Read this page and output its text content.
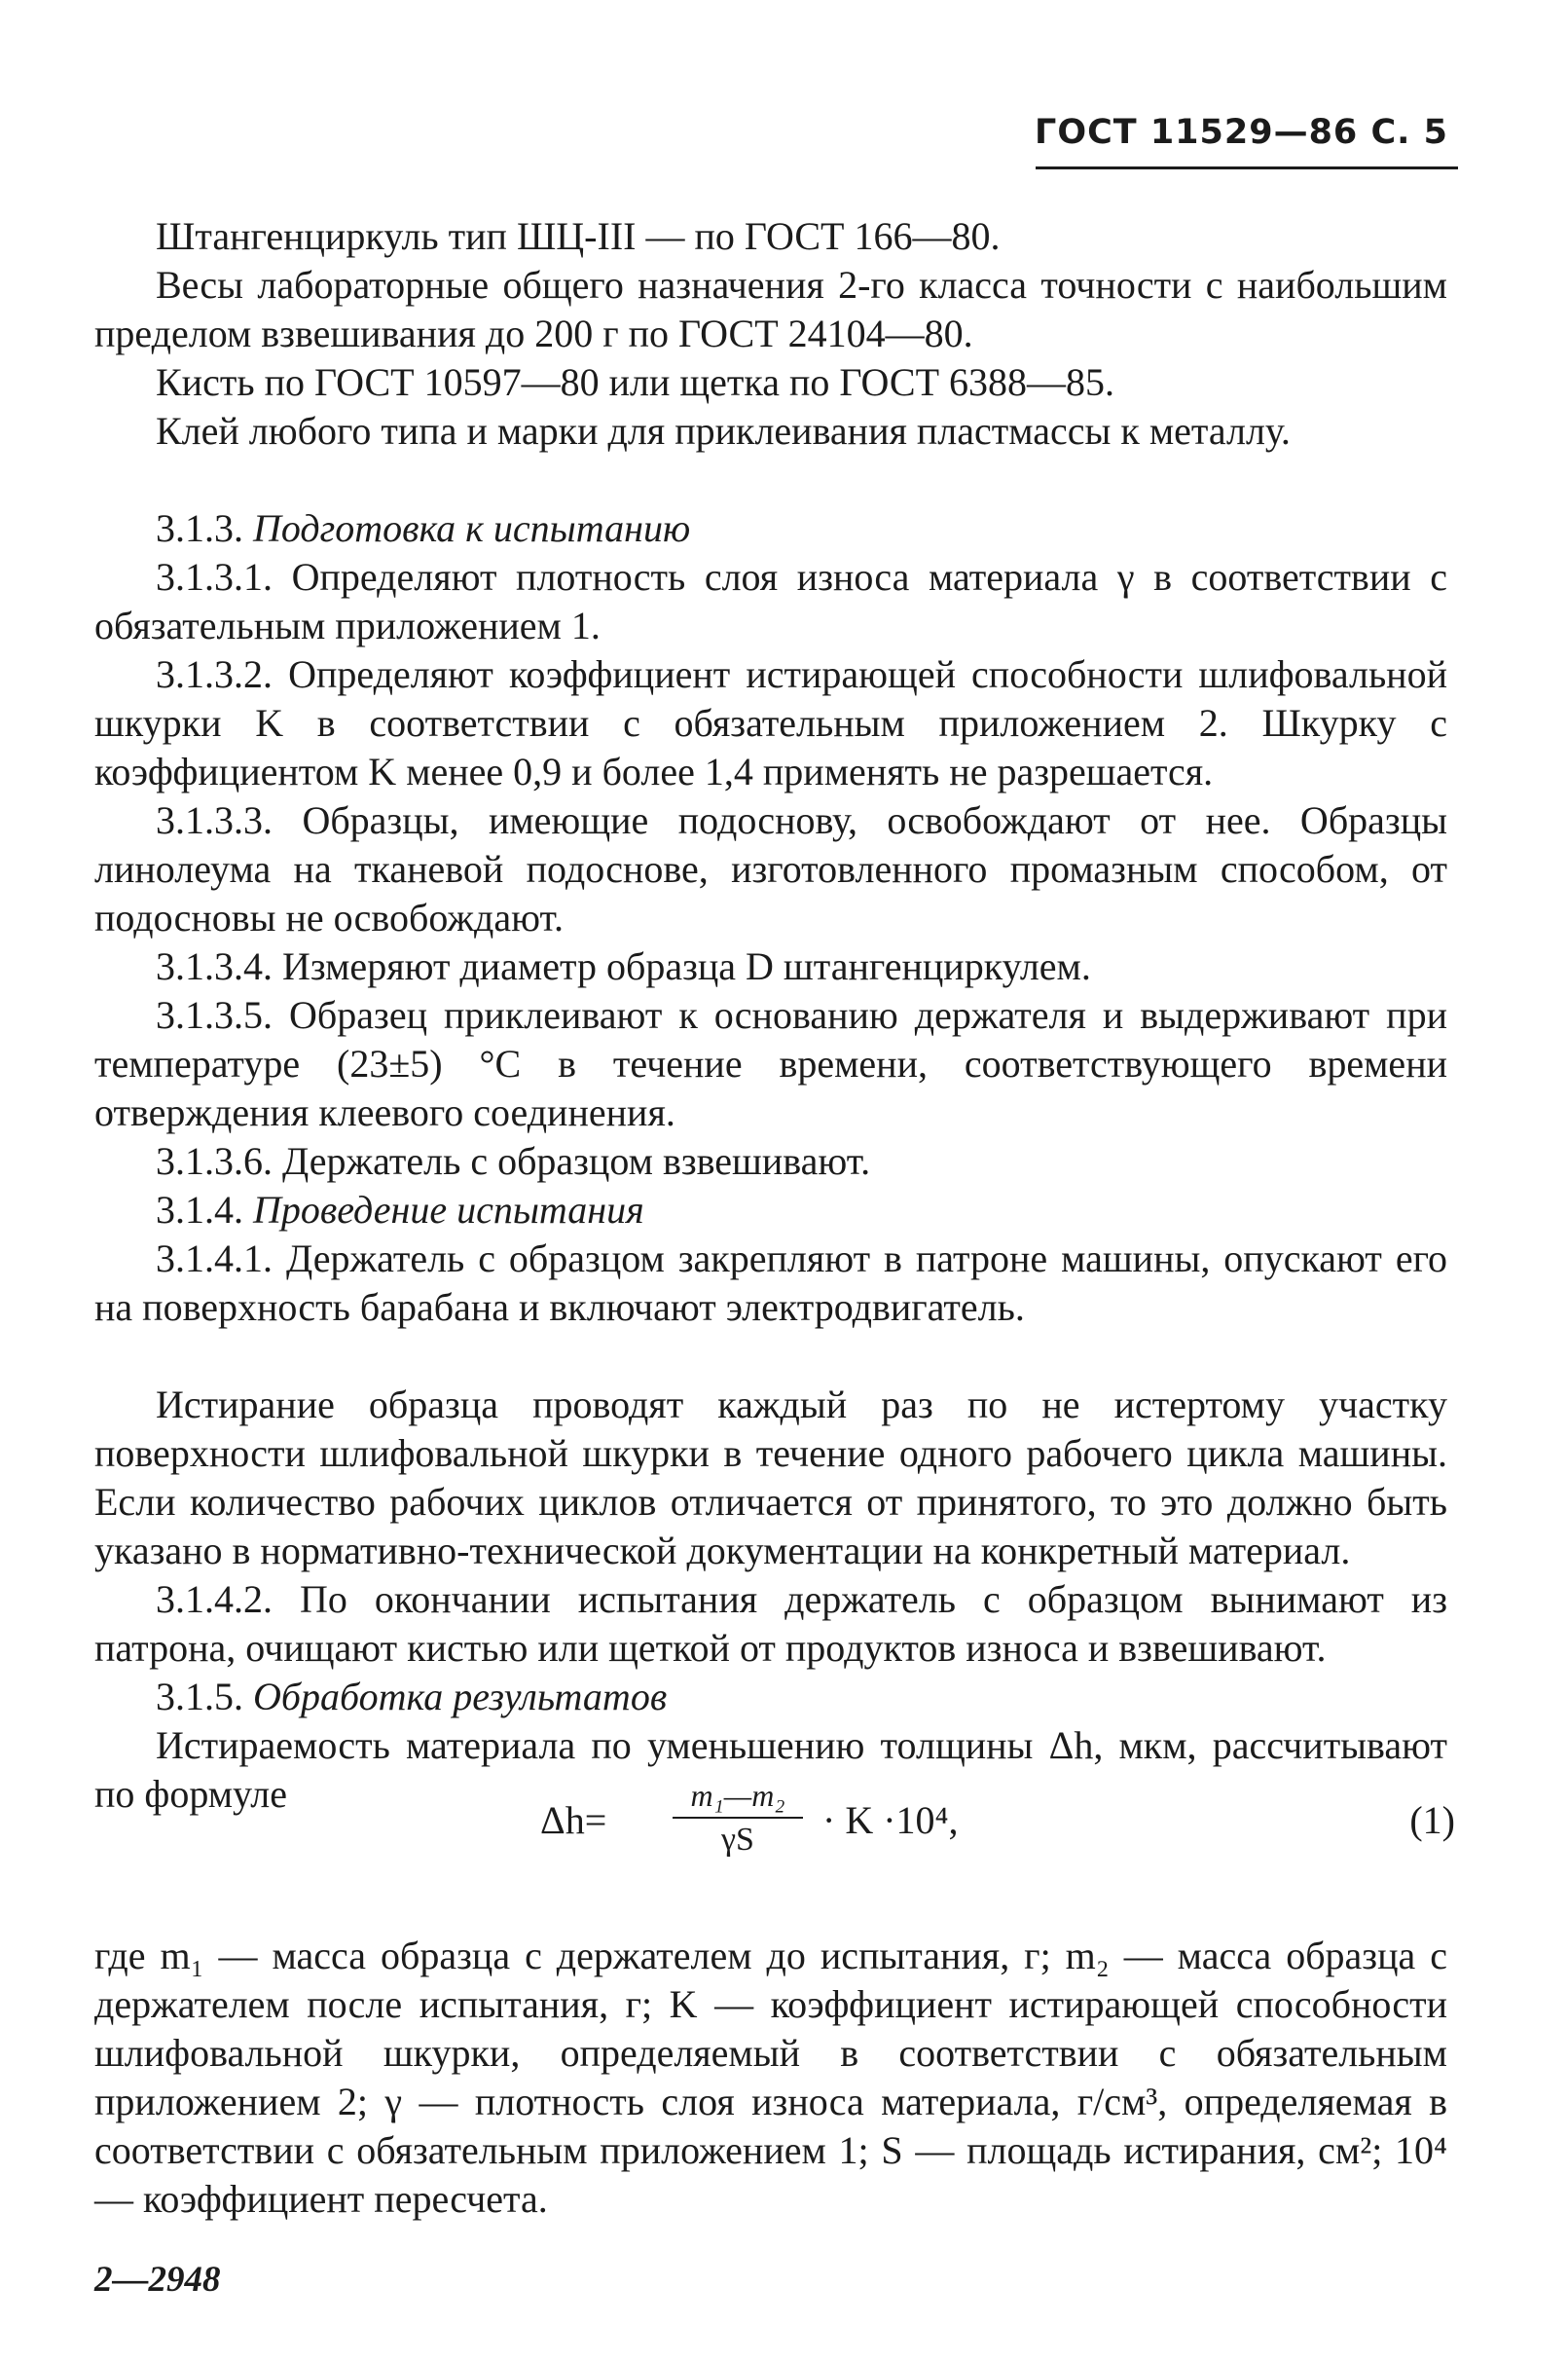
ГОСТ 11529—86 С. 5

Штангенциркуль тип ШЦ-III — по ГОСТ 166—80.

Весы лабораторные общего назначения 2-го класса точности с наибольшим пределом взвешивания до 200 г по ГОСТ 24104—80.

Кисть по ГОСТ 10597—80 или щетка по ГОСТ 6388—85.

Клей любого типа и марки для приклеивания пластмассы к металлу.

3.1.3. Подготовка к испытанию

3.1.3.1. Определяют плотность слоя износа материала γ в соответствии с обязательным приложением 1.

3.1.3.2. Определяют коэффициент истирающей способности шлифовальной шкурки K в соответствии с обязательным приложением 2. Шкурку с коэффициентом K менее 0,9 и более 1,4 применять не разрешается.

3.1.3.3. Образцы, имеющие подоснову, освобождают от нее. Образцы линолеума на тканевой подоснове, изготовленного промазным способом, от подосновы не освобождают.

3.1.3.4. Измеряют диаметр образца D штангенциркулем.

3.1.3.5. Образец приклеивают к основанию держателя и выдерживают при температуре (23±5) °С в течение времени, соответствующего времени отверждения клеевого соединения.

3.1.3.6. Держатель с образцом взвешивают.

3.1.4. Проведение испытания

3.1.4.1. Держатель с образцом закрепляют в патроне машины, опускают его на поверхность барабана и включают электродвигатель.

Истирание образца проводят каждый раз по не истертому участку поверхности шлифовальной шкурки в течение одного рабочего цикла машины. Если количество рабочих циклов отличается от принятого, то это должно быть указано в нормативно-технической документации на конкретный материал.

3.1.4.2. По окончании испытания держатель с образцом вынимают из патрона, очищают кистью или щеткой от продуктов износа и взвешивают.

3.1.5. Обработка результатов

Истираемость материала по уменьшению толщины Δh, мкм, рассчитывают по формуле

Δh=
m₁—m₂
γS	· K ·10⁴,	(1)

где m₁ — масса образца с держателем до испытания, г; m₂ — масса образца с держателем после испытания, г; K — коэффициент истирающей способности шлифовальной шкурки, определяемый в соответствии с обязательным приложением 2; γ — плотность слоя износа материала, г/см³, определяемая в соответствии с обязательным приложением 1; S — площадь истирания, см²; 10⁴ — коэффициент пересчета.

2—2948
